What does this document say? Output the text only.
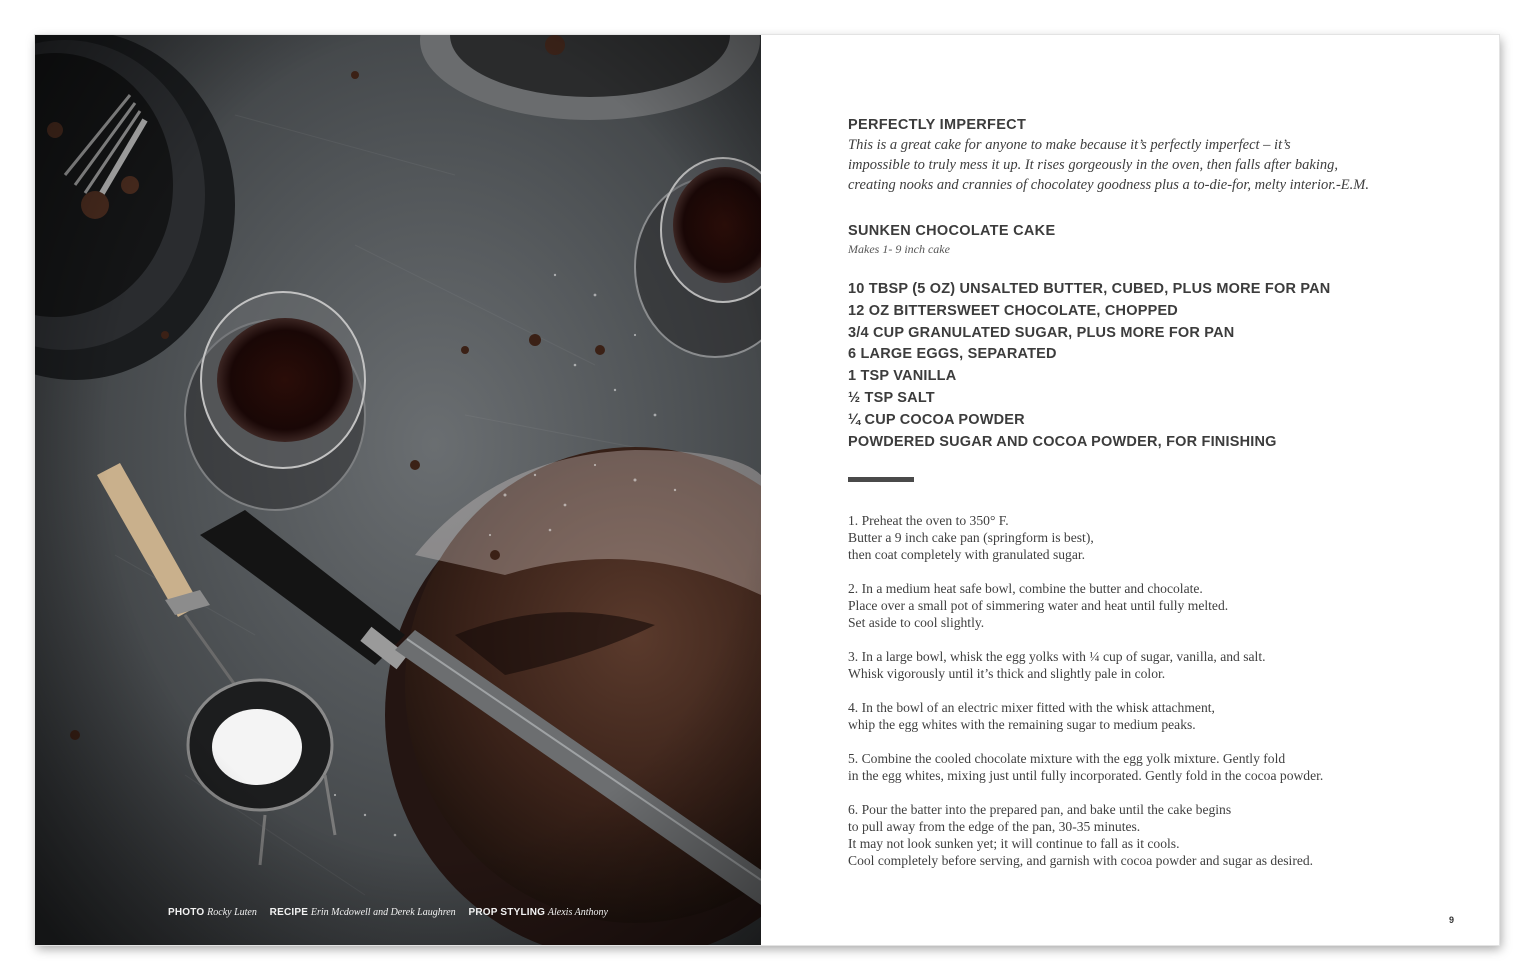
PHOTO Rocky Luten RECIPE Erin Mcdowell and Derek Laughren PROP STYLING Alexis Anthony
PERFECTLY IMPERFECT

This is a great cake for anyone to make because it’s perfectly imperfect – it’s
impossible to truly mess it up. It rises gorgeously in the oven, then falls after baking,
creating nooks and crannies of chocolatey goodness plus a to-die-for, melty interior.-E.M.

SUNKEN CHOCOLATE CAKE
Makes 1- 9 inch cake
10 TBSP (5 OZ) UNSALTED BUTTER, CUBED, PLUS MORE FOR PAN
12 OZ BITTERSWEET CHOCOLATE, CHOPPED
3/4 CUP GRANULATED SUGAR, PLUS MORE FOR PAN
6 LARGE EGGS, SEPARATED
1 TSP VANILLA
½ TSP SALT
¼ CUP COCOA POWDER
POWDERED SUGAR AND COCOA POWDER, FOR FINISHING
1. Preheat the oven to 350° F.
Butter a 9 inch cake pan (springform is best),
then coat completely with granulated sugar.
2. In a medium heat safe bowl, combine the butter and chocolate.
Place over a small pot of simmering water and heat until fully melted.
Set aside to cool slightly.
3. In a large bowl, whisk the egg yolks with ¼ cup of sugar, vanilla, and salt.
Whisk vigorously until it’s thick and slightly pale in color.
4. In the bowl of an electric mixer fitted with the whisk attachment,
whip the egg whites with the remaining sugar to medium peaks.
5. Combine the cooled chocolate mixture with the egg yolk mixture. Gently fold
in the egg whites, mixing just until fully incorporated. Gently fold in the cocoa powder.
6. Pour the batter into the prepared pan, and bake until the cake begins
to pull away from the edge of the pan, 30-35 minutes.
It may not look sunken yet; it will continue to fall as it cools.
Cool completely before serving, and garnish with cocoa powder and sugar as desired.
9
